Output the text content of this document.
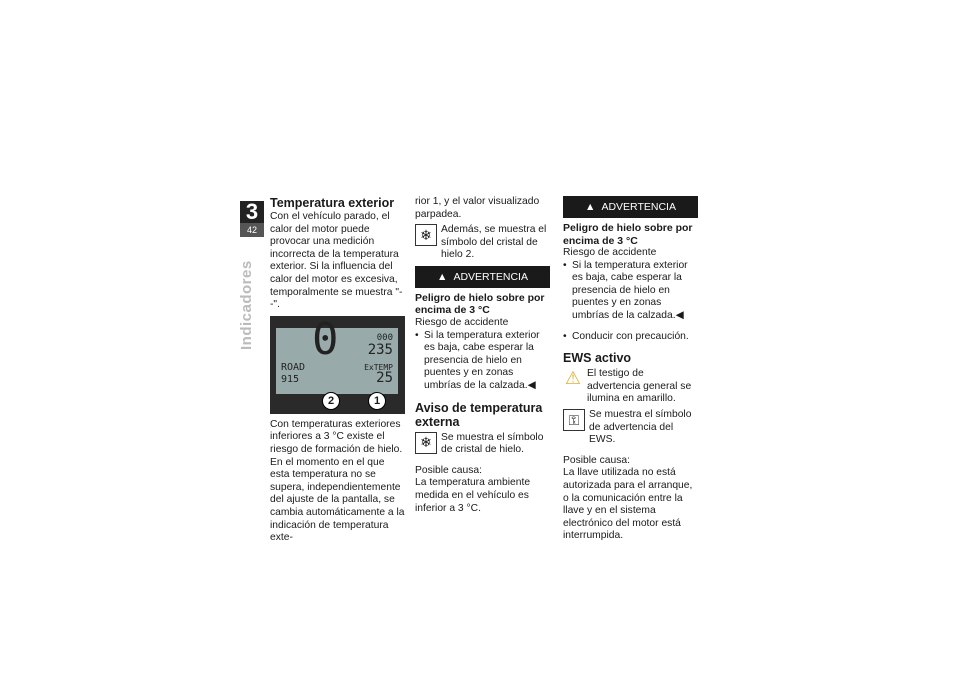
3
42
Indicadores
Temperatura exterior

Con el vehículo parado, el calor del motor puede provocar una medición incorrecta de la temperatura exterior. Si la influencia del calor del motor es excesiva, temporalmente se muestra "--".

0
ROAD
915
000
235
ExTEMP
25
2	1

Con temperaturas exteriores inferiores a 3 °C existe el riesgo de formación de hielo. En el momento en el que esta temperatura no se supera, independientemente del ajuste de la pantalla, se cambia automáticamente a la indicación de temperatura exte-

rior 1, y el valor visualizado parpadea.

❄ Además, se muestra el símbolo del cristal de hielo 2.

▲ ADVERTENCIA
Peligro de hielo sobre por encima de 3 °C

Riesgo de accidente

• Si la temperatura exterior es baja, cabe esperar la presencia de hielo en puentes y en zonas umbrías de la calzada.◀

Aviso de temperatura externa
❄ Se muestra el símbolo de cristal de hielo.

Posible causa:

La temperatura ambiente medida en el vehículo es inferior a 3 °C.

▲ ADVERTENCIA
Peligro de hielo sobre por encima de 3 °C

Riesgo de accidente

• Si la temperatura exterior es baja, cabe esperar la presencia de hielo en puentes y en zonas umbrías de la calzada.◀

• Conducir con precaución.

EWS activo
⚠ El testigo de advertencia general se ilumina en amarillo.

⚿ Se muestra el símbolo de advertencia del EWS.

Posible causa:

La llave utilizada no está autorizada para el arranque, o la comunicación entre la llave y en el sistema electrónico del motor está interrumpida.
